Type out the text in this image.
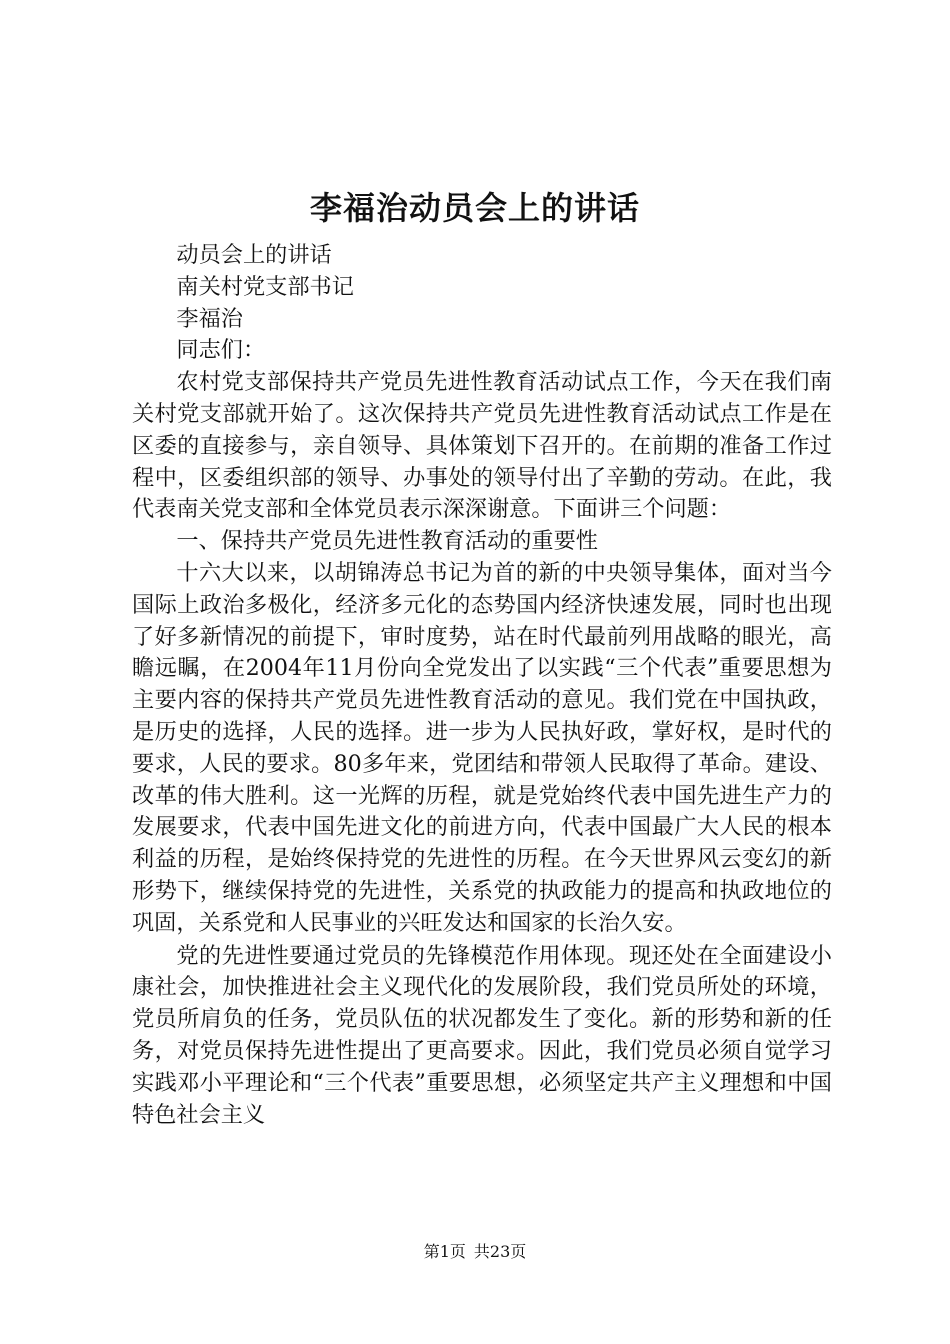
李福治动员会上的讲话

动员会上的讲话

南关村党支部书记

李福治

同志们：

农村党支部保持共产党员先进性教育活动试点工作，今天在我们南关村党支部就开始了。这次保持共产党员先进性教育活动试点工作是在区委的直接参与，亲自领导、具体策划下召开的。在前期的准备工作过程中，区委组织部的领导、办事处的领导付出了辛勤的劳动。在此，我代表南关党支部和全体党员表示深深谢意。下面讲三个问题：

一、保持共产党员先进性教育活动的重要性

十六大以来，以胡锦涛总书记为首的新的中央领导集体，面对当今国际上政治多极化，经济多元化的态势国内经济快速发展，同时也出现了好多新情况的前提下，审时度势，站在时代最前列用战略的眼光，高瞻远瞩，在2004年11月份向全党发出了以实践“三个代表”重要思想为主要内容的保持共产党员先进性教育活动的意见。我们党在中国执政，是历史的选择，人民的选择。进一步为人民执好政，掌好权，是时代的要求，人民的要求。80多年来，党团结和带领人民取得了革命。建设、改革的伟大胜利。这一光辉的历程，就是党始终代表中国先进生产力的发展要求，代表中国先进文化的前进方向，代表中国最广大人民的根本利益的历程，是始终保持党的先进性的历程。在今天世界风云变幻的新形势下，继续保持党的先进性，关系党的执政能力的提高和执政地位的巩固，关系党和人民事业的兴旺发达和国家的长治久安。

党的先进性要通过党员的先锋模范作用体现。现还处在全面建设小康社会，加快推进社会主义现代化的发展阶段，我们党员所处的环境，党员所肩负的任务，党员队伍的状况都发生了变化。新的形势和新的任务，对党员保持先进性提出了更高要求。因此，我们党员必须自觉学习实践邓小平理论和“三个代表”重要思想，必须坚定共产主义理想和中国特色社会主义

第1页 共23页
